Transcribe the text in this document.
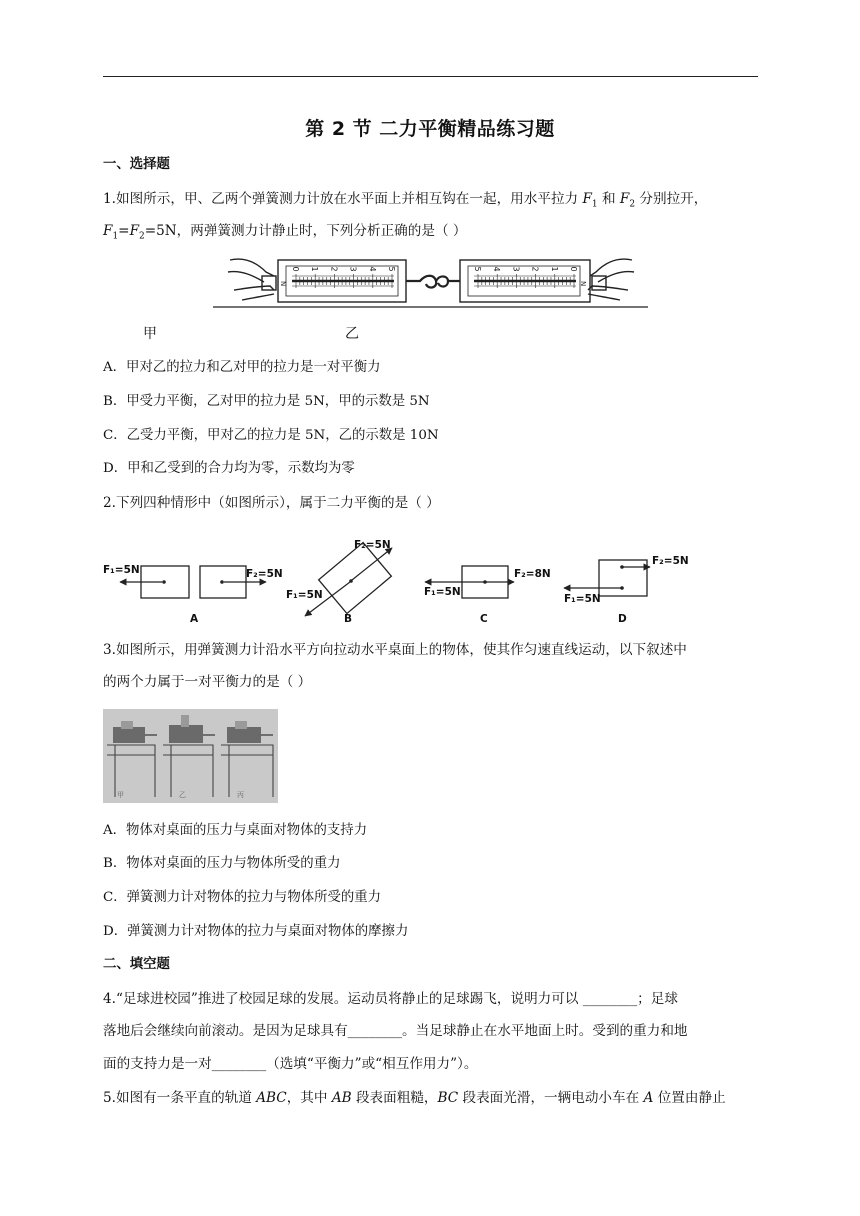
第 2 节 二力平衡精品练习题
一、选择题
1.如图所示，甲、乙两个弹簧测力计放在水平面上并相互钩在一起，用水平拉力 $F_1$ 和 $F_2$ 分别拉开，
$F_1=F_2=5N$，两弹簧测力计静止时，下列分析正确的是（ ）
0 1 2 3 4 5
N
5 4 3 2 1 0
N
甲	乙
A．甲对乙的拉力和乙对甲的拉力是一对平衡力
B．甲受力平衡，乙对甲的拉力是 5N，甲的示数是 5N
C．乙受力平衡，甲对乙的拉力是 5N，乙的示数是 10N
D．甲和乙受到的合力均为零，示数均为零
2.下列四种情形中（如图所示），属于二力平衡的是（ ）
F₁=5N	F₂=5N
A
F₂=5N
F₁=5N
B
F₂=8N
F₁=5N
C
F₂=5N
F₁=5N
D
3.如图所示，用弹簧测力计沿水平方向拉动水平桌面上的物体，使其作匀速直线运动，以下叙述中
的两个力属于一对平衡力的是（ ）
甲	乙	丙
A．物体对桌面的压力与桌面对物体的支持力
B．物体对桌面的压力与物体所受的重力
C．弹簧测力计对物体的拉力与物体所受的重力
D．弹簧测力计对物体的拉力与桌面对物体的摩擦力
二、填空题
4.“足球进校园”推进了校园足球的发展。运动员将静止的足球踢飞，说明力可以 ________；足球
落地后会继续向前滚动。是因为足球具有________。当足球静止在水平地面上时。受到的重力和地
面的支持力是一对________（选填“平衡力”或“相互作用力”）。
5.如图有一条平直的轨道 ABC，其中 AB 段表面粗糙，BC 段表面光滑，一辆电动小车在 A 位置由静止
